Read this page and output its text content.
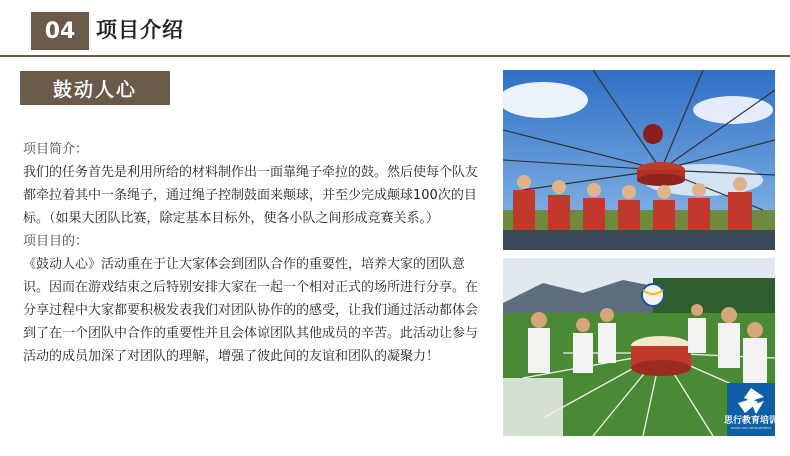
04 项目介绍
鼓动人心

项目简介：

我们的任务首先是利用所给的材料制作出一面靠绳子牵拉的鼓。然后使每个队友都牵拉着其中一条绳子，通过绳子控制鼓面来颠球，并至少完成颠球100次的目标。（如果大团队比赛，除定基本目标外，使各小队之间形成竞赛关系。）

项目目的：

《鼓动人心》活动重在于让大家体会到团队合作的重要性，培养大家的团队意识。因而在游戏结束之后特别安排大家在一起一个相对正式的场所进行分享。在分享过程中大家都要积极发表我们对团队协作的的感受，让我们通过活动都体会到了在一个团队中合作的重要性并且会体谅团队其他成员的辛苦。此活动让参与活动的成员加深了对团队的理解，增强了彼此间的友谊和团队的凝聚力！

思行教育培训
SIXING EDU DEVELOPMENT
